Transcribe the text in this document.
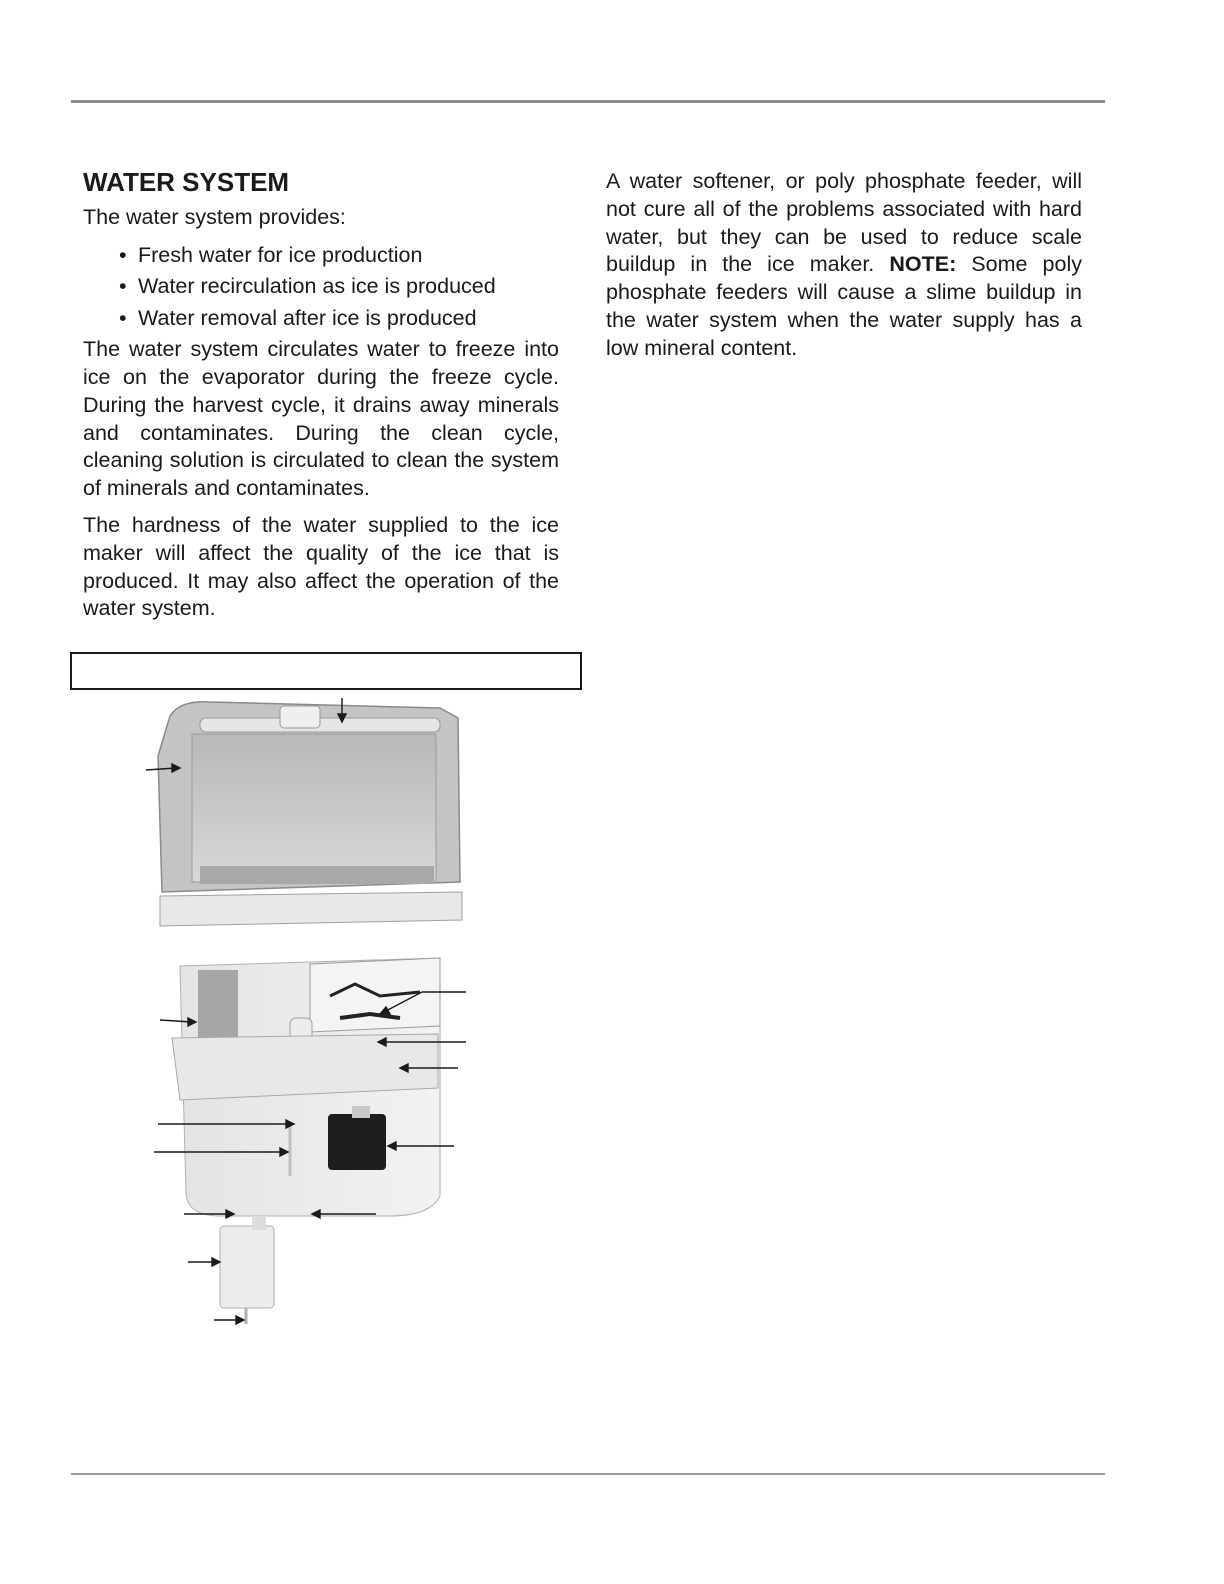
WATER SYSTEM

The water system provides:

• Fresh water for ice production
• Water recirculation as ice is produced
• Water removal after ice is produced

The water system circulates water to freeze into ice on the evaporator during the freeze cycle. During the harvest cycle, it drains away minerals and contaminates. During the clean cycle, cleaning solution is circulated to clean the system of minerals and contaminates.

The hardness of the water supplied to the ice maker will affect the quality of the ice that is produced. It may also affect the operation of the water system.

A water softener, or poly phosphate feeder, will not cure all of the problems associated with hard water, but they can be used to reduce scale buildup in the ice maker. NOTE: Some poly phosphate feeders will cause a slime buildup in the water system when the water supply has a low mineral content.
